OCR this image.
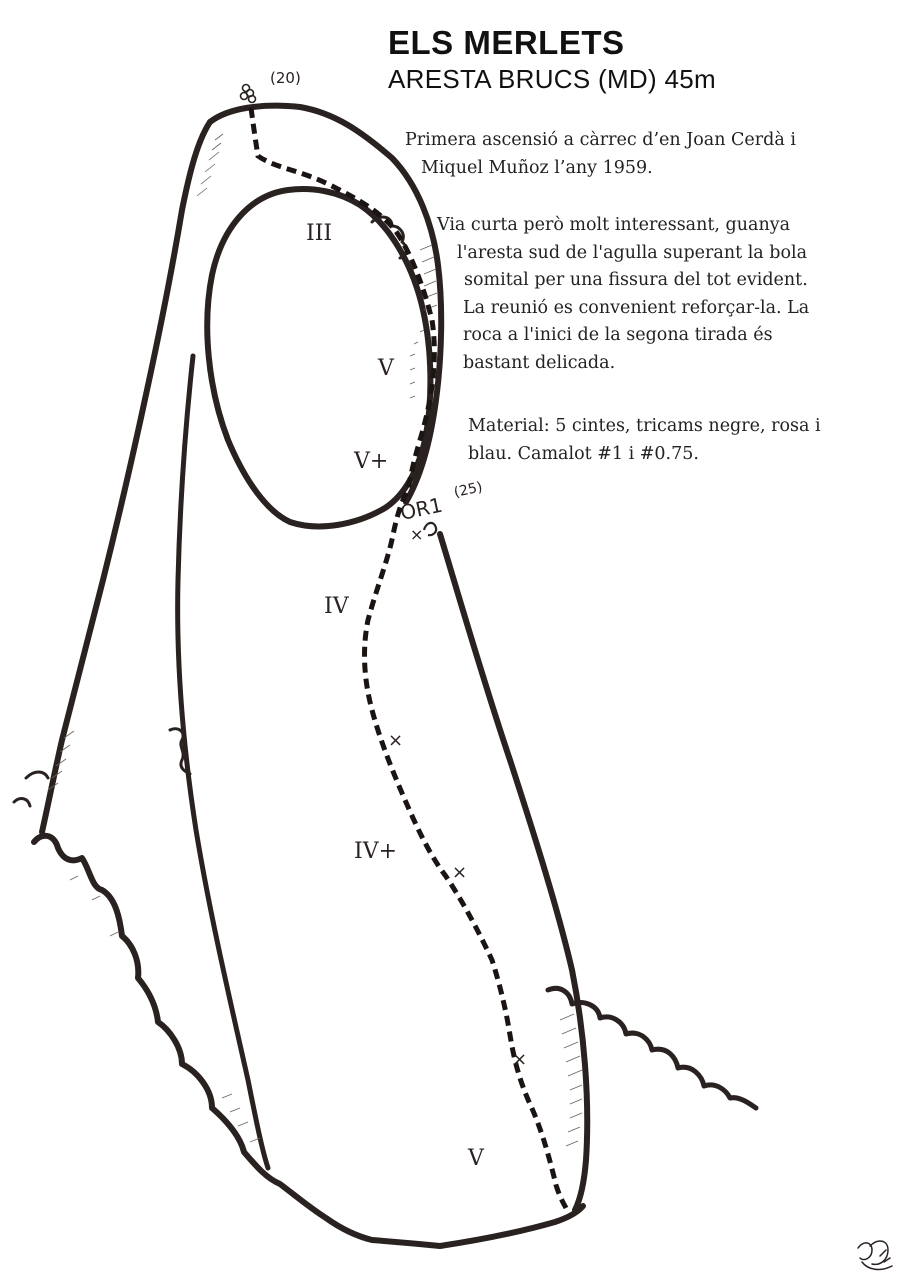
ELS MERLETS
ARESTA BRUCS (MD) 45m
Primera ascensió a càrrec d’en Joan Cerdà i
Miquel Muñoz l’any 1959.
Via curta però molt interessant, guanya
l'aresta sud de l'agulla superant la bola
somital per una fissura del tot evident.
La reunió es convenient reforçar-la. La
roca a l'inici de la segona tirada és
bastant delicada.
Material: 5 cintes, tricams negre, rosa i
blau. Camalot #1 i #0.75.
(20)
OR1
(25)
×
III
V
V+
IV
IV+
V
×
×
×
